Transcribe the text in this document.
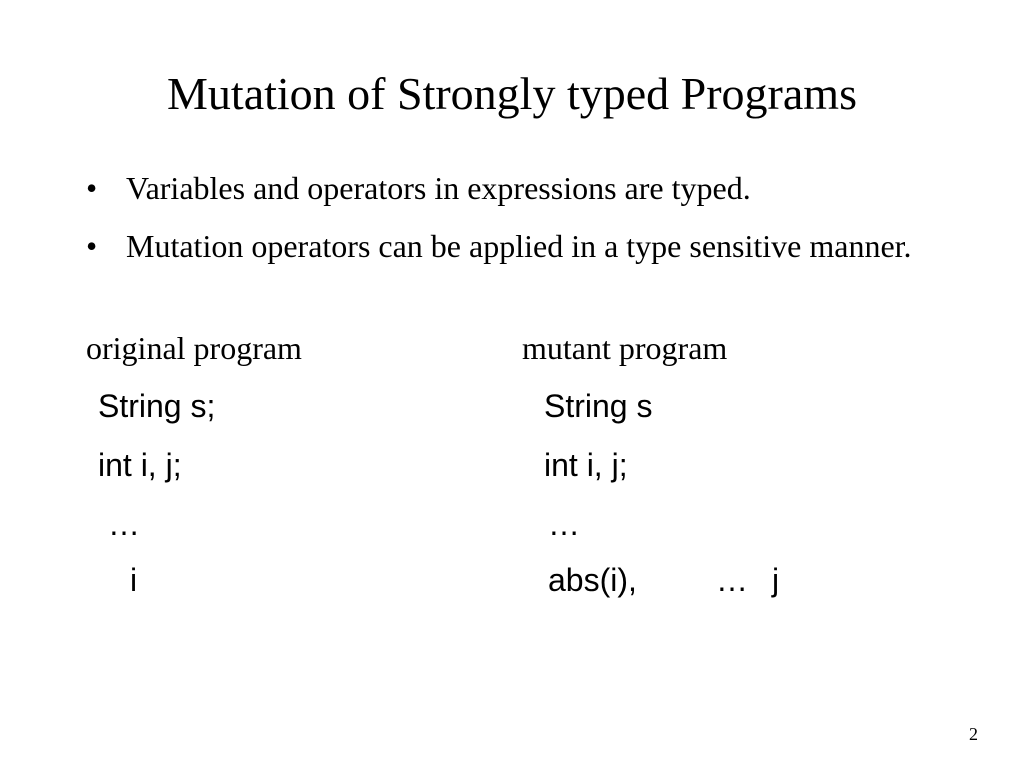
Mutation of Strongly typed Programs
• Variables and operators in expressions are typed.
• Mutation operators can be applied in a type sensitive manner.
original program	mutant program
String s;
int i, j;
…
i
String s
int i, j;
…
abs(i), … j
2
